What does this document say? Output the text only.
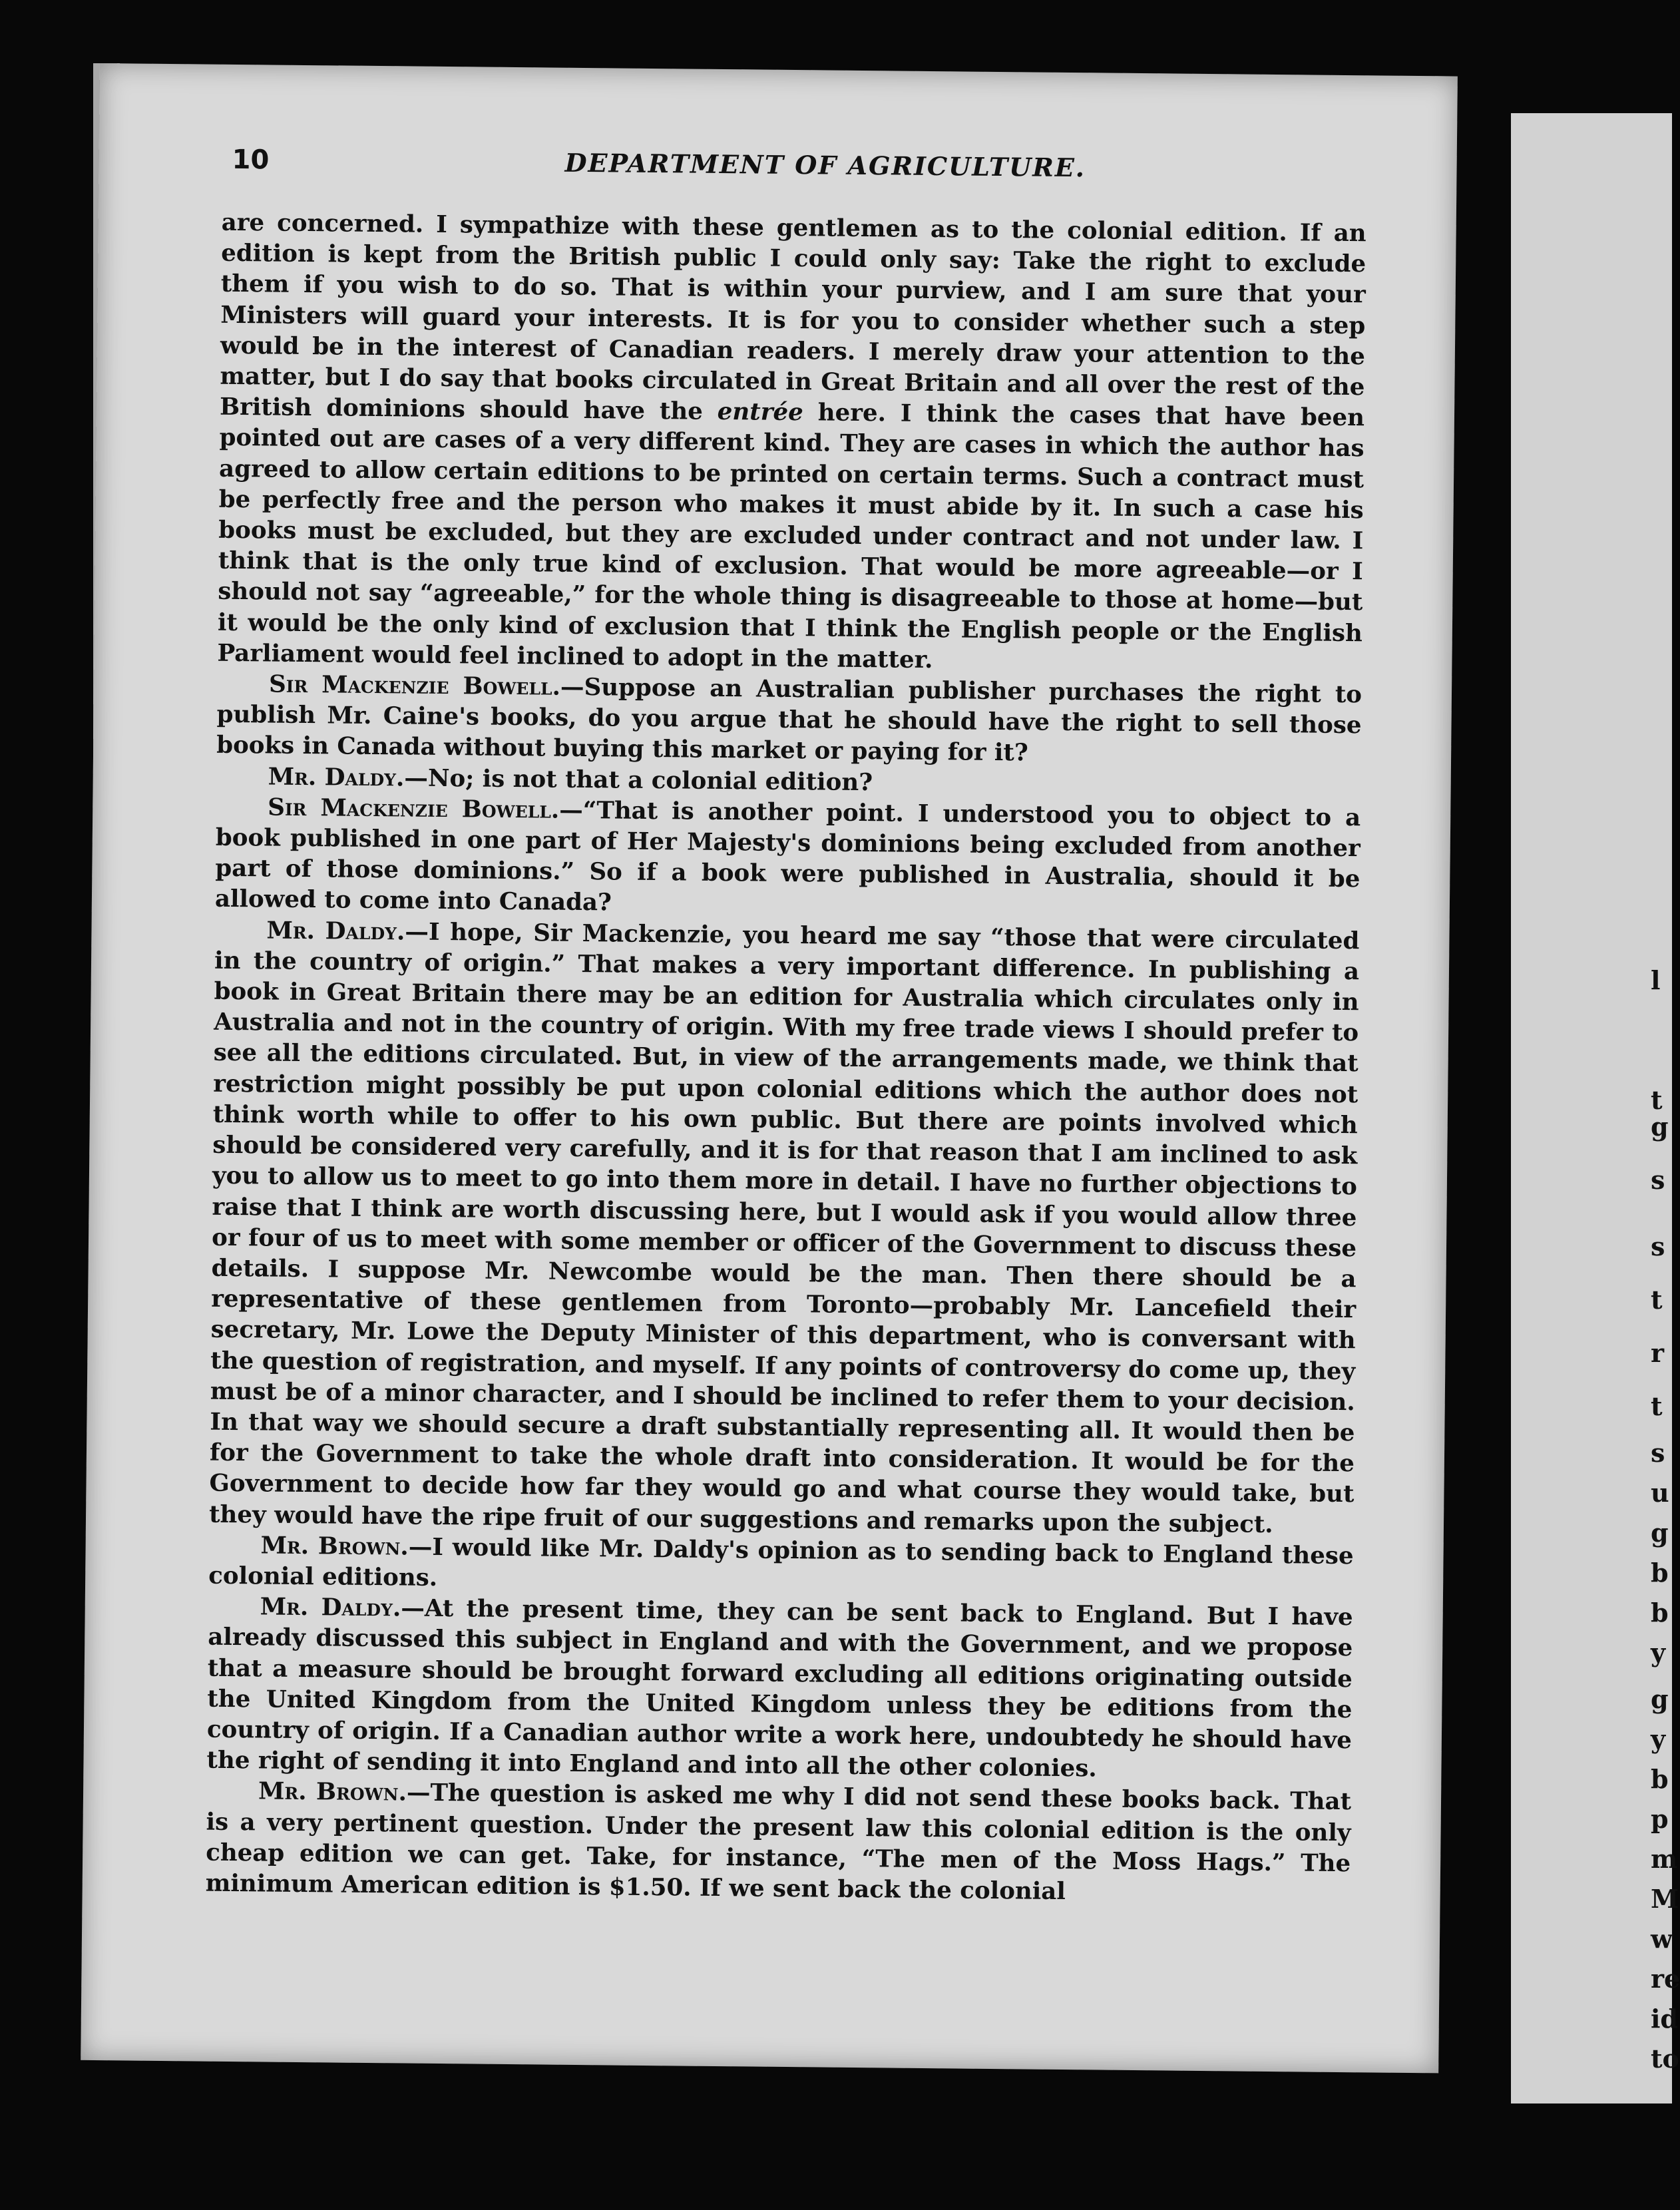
10	DEPARTMENT OF AGRICULTURE.

are concerned. I sympathize with these gentlemen as to the colonial edition. If an edition is kept from the British public I could only say: Take the right to exclude them if you wish to do so. That is within your purview, and I am sure that your Ministers will guard your interests. It is for you to consider whether such a step would be in the interest of Canadian readers. I merely draw your attention to the matter, but I do say that books circulated in Great Britain and all over the rest of the British dominions should have the entrée here. I think the cases that have been pointed out are cases of a very different kind. They are cases in which the author has agreed to allow certain editions to be printed on certain terms. Such a contract must be perfectly free and the person who makes it must abide by it. In such a case his books must be excluded, but they are excluded under contract and not under law. I think that is the only true kind of exclusion. That would be more agreeable—or I should not say “agreeable,” for the whole thing is disagreeable to those at home—but it would be the only kind of exclusion that I think the English people or the English Parliament would feel inclined to adopt in the matter.

Sir Mackenzie Bowell.—Suppose an Australian publisher purchases the right to publish Mr. Caine's books, do you argue that he should have the right to sell those books in Canada without buying this market or paying for it?

Mr. Daldy.—No; is not that a colonial edition?

Sir Mackenzie Bowell.—“That is another point. I understood you to object to a book published in one part of Her Majesty's dominions being excluded from another part of those dominions.” So if a book were published in Australia, should it be allowed to come into Canada?

Mr. Daldy.—I hope, Sir Mackenzie, you heard me say “those that were circulated in the country of origin.” That makes a very important difference. In publishing a book in Great Britain there may be an edition for Australia which circulates only in Australia and not in the country of origin. With my free trade views I should prefer to see all the editions circulated. But, in view of the arrangements made, we think that restriction might possibly be put upon colonial editions which the author does not think worth while to offer to his own public. But there are points involved which should be considered very carefully, and it is for that reason that I am inclined to ask you to allow us to meet to go into them more in detail. I have no further objections to raise that I think are worth discussing here, but I would ask if you would allow three or four of us to meet with some member or officer of the Government to discuss these details. I suppose Mr. Newcombe would be the man. Then there should be a representative of these gentlemen from Toronto—probably Mr. Lancefield their secretary, Mr. Lowe the Deputy Minister of this department, who is conversant with the question of registration, and myself. If any points of controversy do come up, they must be of a minor character, and I should be inclined to refer them to your decision. In that way we should secure a draft substantially representing all. It would then be for the Government to take the whole draft into consideration. It would be for the Government to decide how far they would go and what course they would take, but they would have the ripe fruit of our suggestions and remarks upon the subject.

Mr. Brown.—I would like Mr. Daldy's opinion as to sending back to England these colonial editions.

Mr. Daldy.—At the present time, they can be sent back to England. But I have already discussed this subject in England and with the Government, and we propose that a measure should be brought forward excluding all editions originating outside the United Kingdom from the United Kingdom unless they be editions from the country of origin. If a Canadian author write a work here, undoubtedy he should have the right of sending it into England and into all the other colonies.

Mr. Brown.—The question is asked me why I did not send these books back. That is a very pertinent question. Under the present law this colonial edition is the only cheap edition we can get. Take, for instance, “The men of the Moss Hags.” The minimum American edition is $1.50. If we sent back the colonial

l
t
g
s
s
t
r
t
s
u
g
b
b
y
g
y
b
p
m
M
w
re
id
to
